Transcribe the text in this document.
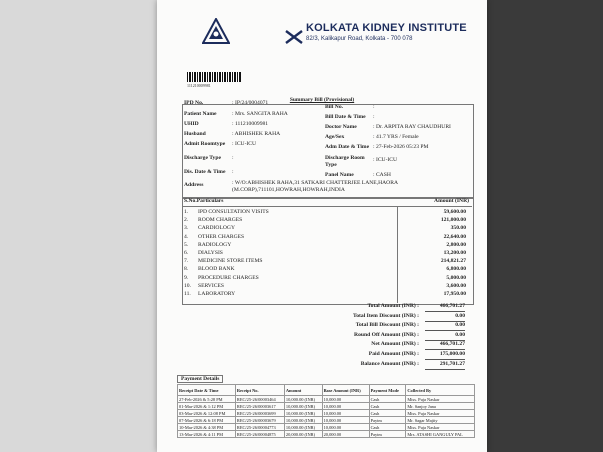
KOLKATA KIDNEY INSTITUTE
82/3, Kalikapur Road, Kolkata - 700 078
111210009981
Summary Bill (Provisional)
IPD No.	: IP/24/0004071
Patient Name	: Mrs. SANGITA RAHA
UHID	: 111210009981
Husband	: ABHISHEK RAHA
Admit Roomtype : ICU-ICU
Discharge Type :
Dis. Date & Time :
Address	: W/O:ABHISHEK RAHA,31 SATKARI CHATTERJEE LANE,HAORA (M.CORP),711101,HOWRAH,HOWRAH,INDIA
Bill No.	:
Bill Date & Time :
Doctor Name	: Dr. ARPITA RAY CHAUDHURI
Age/Sex	: 41.7 YRS / Female
Adm Date & Time : 27-Feb-2026 05:23 PM
Discharge Room Type
: ICU-ICU
Panel Name	: CASH
S.No.Particulars	Amount (INR)
1.	IPD CONSULTATION VISITS	59,600.00
2.	ROOM CHARGES	121,000.00
3.	CARDIOLOGY	350.00
4.	OTHER CHARGES	22,640.00
5.	RADIOLOGY	2,800.00
6.	DIALYSIS	13,200.00
7.	MEDICINE STORE ITEMS	214,821.27
8.	BLOOD BANK	6,800.00
9.	PROCEDURE CHARGES	5,000.00
10.	SERVICES	3,600.00
11.	LABORATORY	17,950.00
Total Amount (INR) :	466,701.27
Total Item Discount (INR) :	0.00
Total Bill Discount (INR) :	0.00
Round Off Amount (INR) :	0.00
Net Amount (INR) :	466,701.27
Paid Amount (INR) :	175,000.00
Balance Amount (INR) :	291,701.27
Payment Details
Receipt Date & Time	Receipt No.	Amount	Base Amount (INR)	Payment Mode	Collected By
27-Feb-2026 & 5:28 PM	REC/25-26/00003464	10,000.00 (INR)	10,000.00	Cash	Miss. Puja Naskar
01-Mar-2026 & 1:12 PM	REC/25-26/00003617	10,000.00 (INR)	10,000.00	Cash	Mr. Sanjoy Jana
03-Mar-2026 & 12:08 PM	REC/25-26/00003699	10,000.00 (INR)	10,000.00	Cash	Miss. Puja Naskar
07-Mar-2026 & 6:18 PM	REC/25-26/00003679	10,000.00 (INR)	10,000.00	Paytm	Mr. Sagar Majity
10-Mar-2026 & 4:38 PM	REC/25-26/00004773	10,000.00 (INR)	10,000.00	Cash	Miss. Puja Naskar
13-Mar-2026 & 4:11 PM	REC/25-26/00004875	20,000.00 (INR)	20,000.00	Paytm	Mrs. ATASHI GANGULY PAL
